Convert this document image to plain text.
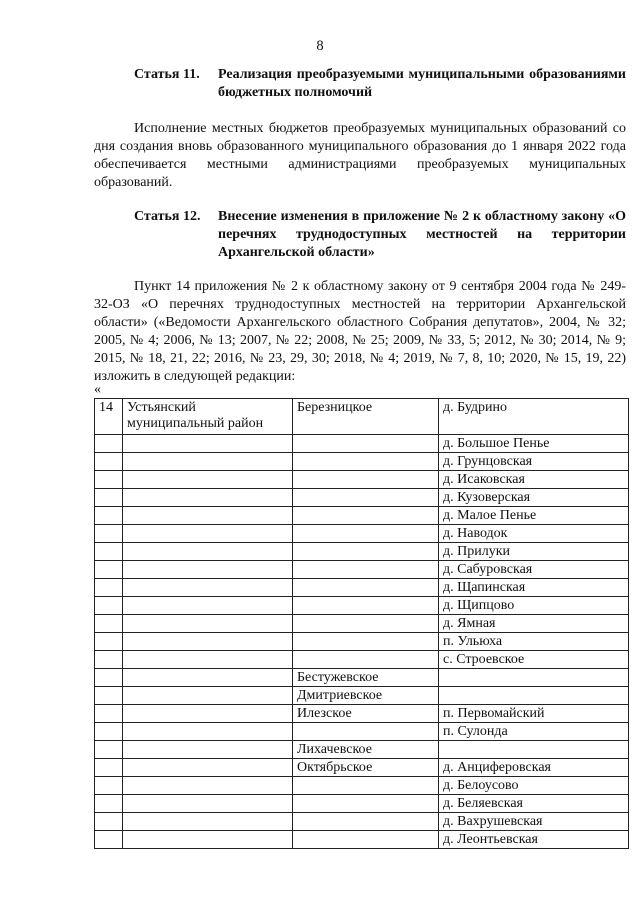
8
Статья 11.	Реализация преобразуемыми муниципальными образованиями бюджетных полномочий
Исполнение местных бюджетов преобразуемых муниципальных образований со дня создания вновь образованного муниципального образования до 1 января 2022 года обеспечивается местными администрациями преобразуемых муниципальных образований.
Статья 12.	Внесение изменения в приложение № 2 к областному закону «О перечнях труднодоступных местностей на территории Архангельской области»
Пункт 14 приложения № 2 к областному закону от 9 сентября 2004 года № 249-32-ОЗ «О перечнях труднодоступных местностей на территории Архангельской области» («Ведомости Архангельского областного Собрания депутатов», 2004, № 32; 2005, № 4; 2006, № 13; 2007, № 22; 2008, № 25; 2009, № 33, 5; 2012, № 30; 2014, № 9; 2015, № 18, 21, 22; 2016, № 23, 29, 30; 2018, № 4; 2019, № 7, 8, 10; 2020, № 15, 19, 22) изложить в следующей редакции:
«
14	Устьянский муниципальный район	Березницкое	д. Будрино
			д. Большое Пенье
			д. Грунцовская
			д. Исаковская
			д. Кузоверская
			д. Малое Пенье
			д. Наводок
			д. Прилуки
			д. Сабуровская
			д. Щапинская
			д. Щипцово
			д. Ямная
			п. Ульюха
			с. Строевское
		Бестужевское	
		Дмитриевское	
		Илезское	п. Первомайский
			п. Сулонда
		Лихачевское	
		Октябрьское	д. Анциферовская
			д. Белоусово
			д. Беляевская
			д. Вахрушевская
			д. Леонтьевская
